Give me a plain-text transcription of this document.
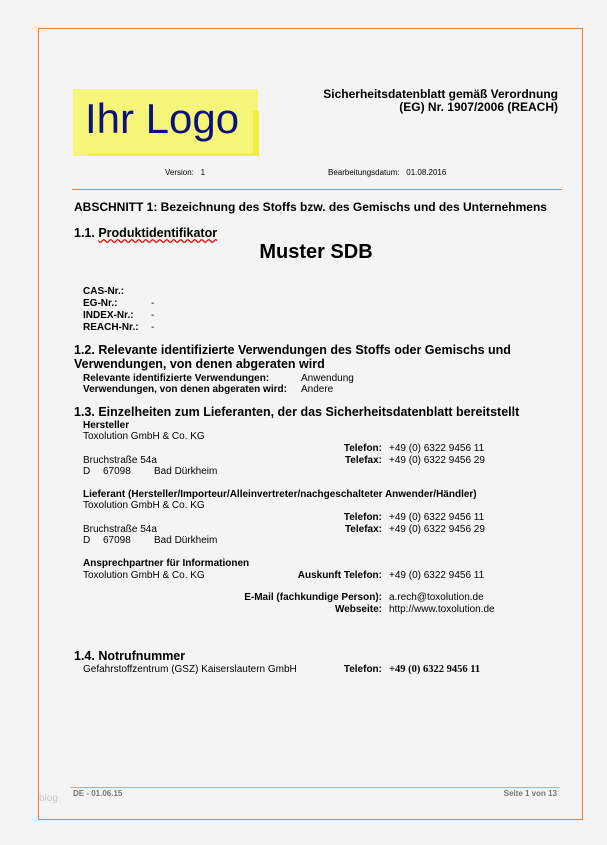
Ihr Logo
Sicherheitsdatenblatt gemäß Verordnung
(EG) Nr. 1907/2006 (REACH)
Version: 1	Bearbeitungsdatum: 01.08.2016
ABSCHNITT 1: Bezeichnung des Stoffs bzw. des Gemischs und des Unternehmens
1.1. Produktidentifikator
Muster SDB
CAS-Nr.:
EG-Nr.:	-
INDEX-Nr.: -
REACH-Nr.: -
1.2. Relevante identifizierte Verwendungen des Stoffs oder Gemischs und
Verwendungen, von denen abgeraten wird
Relevante identifizierte Verwendungen:	Anwendung
Verwendungen, von denen abgeraten wird: Andere
1.3. Einzelheiten zum Lieferanten, der das Sicherheitsdatenblatt bereitstellt
Hersteller
Toxolution GmbH & Co. KG
Telefon: +49 (0) 6322 9456 11
Bruchstraße 54a	Telefax: +49 (0) 6322 9456 29
D 67098 Bad Dürkheim
Lieferant (Hersteller/Importeur/Alleinvertreter/nachgeschalteter Anwender/Händler)
Toxolution GmbH & Co. KG
Telefon: +49 (0) 6322 9456 11
Bruchstraße 54a	Telefax: +49 (0) 6322 9456 29
D 67098 Bad Dürkheim
Ansprechpartner für Informationen
Toxolution GmbH & Co. KG	Auskunft Telefon: +49 (0) 6322 9456 11
E-Mail (fachkundige Person): a.rech@toxolution.de
Webseite: http://www.toxolution.de
1.4. Notrufnummer
Gefahrstoffzentrum (GSZ) Kaiserslautern GmbH	Telefon: +49 (0) 6322 9456 11
DE - 01.06.15	Seite 1 von 13
blog
